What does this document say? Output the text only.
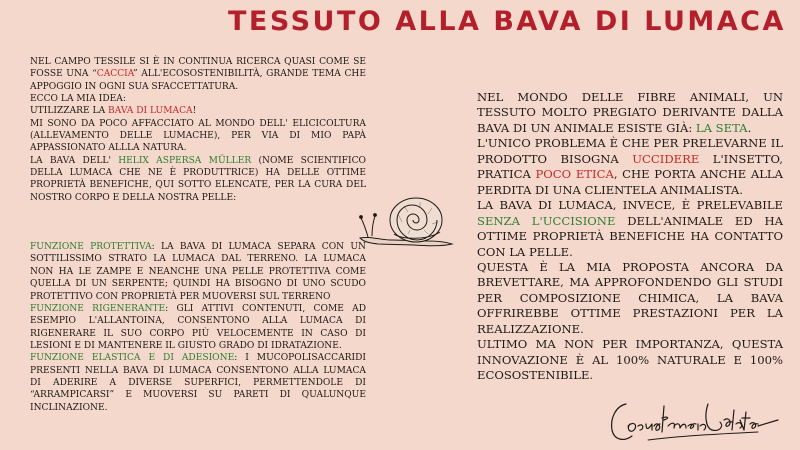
TESSUTO ALLA BAVA DI LUMACA

NEL CAMPO TESSILE SI È IN CONTINUA RICERCA QUASI COME SE FOSSE UNA “CACCIA” ALL'ECOSOSTENIBILITÀ, GRANDE TEMA CHE APPOGGIO IN OGNI SUA SFACCETTATURA.

ECCO LA MIA IDEA:

UTILIZZARE LA BAVA DI LUMACA!

MI SONO DA POCO AFFACCIATO AL MONDO DELL' ELICICOLTURA (ALLEVAMENTO DELLE LUMACHE), PER VIA DI MIO PAPÀ APPASSIONATO ALLLA NATURA.

LA BAVA DELL' HELIX ASPERSA MÜLLER (NOME SCIENTIFICO DELLA LUMACA CHE NE È PRODUTTRICE) HA DELLE OTTIME PROPRIETÀ BENEFICHE, QUI SOTTO ELENCATE, PER LA CURA DEL NOSTRO CORPO E DELLA NOSTRA PELLE:

FUNZIONE PROTETTIVA: LA BAVA DI LUMACA SEPARA CON UN SOTTILISSIMO STRATO LA LUMACA DAL TERRENO. LA LUMACA NON HA LE ZAMPE E NEANCHE UNA PELLE PROTETTIVA COME QUELLA DI UN SERPENTE; QUINDI HA BISOGNO DI UNO SCUDO PROTETTIVO CON PROPRIETÀ PER MUOVERSI SUL TERRENO

FUNZIONE RIGENERANTE: GLI ATTIVI CONTENUTI, COME AD ESEMPIO L'ALLANTOINA, CONSENTONO ALLA LUMACA DI RIGENERARE IL SUO CORPO PIÙ VELOCEMENTE IN CASO DI LESIONI E DI MANTENERE IL GIUSTO GRADO DI IDRATAZIONE.

FUNZIONE ELASTICA E DI ADESIONE: I MUCOPOLISACCARIDI PRESENTI NELLA BAVA DI LUMACA CONSENTONO ALLA LUMACA DI ADERIRE A DIVERSE SUPERFICI, PERMETTENDOLE DI “ARRAMPICARSI” E MUOVERSI SU PARETI DI QUALUNQUE INCLINAZIONE.

NEL MONDO DELLE FIBRE ANIMALI, UN TESSUTO MOLTO PREGIATO DERIVANTE DALLA BAVA DI UN ANIMALE ESISTE GIÀ: LA SETA.

L'UNICO PROBLEMA È CHE PER PRELEVARNE IL PRODOTTO BISOGNA UCCIDERE L'INSETTO, PRATICA POCO ETICA, CHE PORTA ANCHE ALLA PERDITA DI UNA CLIENTELA ANIMALISTA.

LA BAVA DI LUMACA, INVECE, È PRELEVABILE SENZA L'UCCISIONE DELL'ANIMALE ED HA OTTIME PROPRIETÀ BENEFICHE HA CONTATTO CON LA PELLE.

QUESTA È LA MIA PROPOSTA ANCORA DA BREVETTARE, MA APPROFONDENDO GLI STUDI PER COMPOSIZIONE CHIMICA, LA BAVA OFFRIREBBE OTTIME PRESTAZIONI PER LA REALIZZAZIONE.

ULTIMO MA NON PER IMPORTANZA, QUESTA INNOVAZIONE È AL 100% NATURALE E 100% ECOSOSTENIBILE.
